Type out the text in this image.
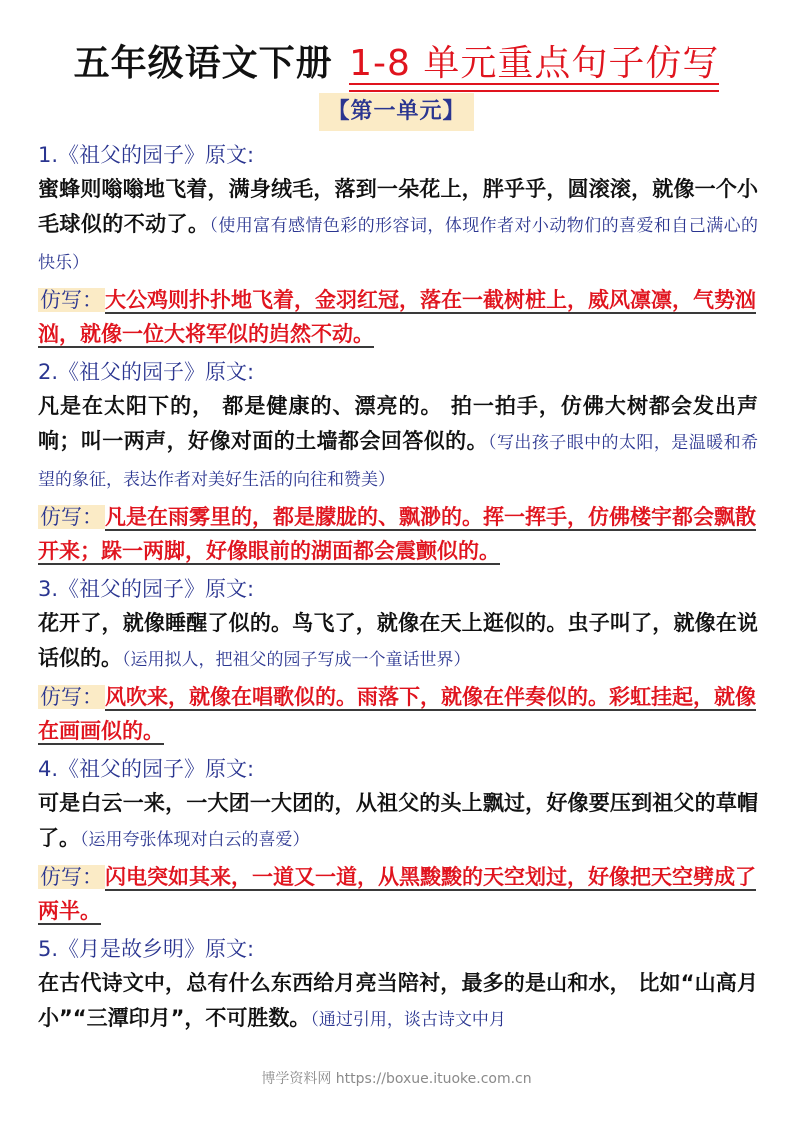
五年级语文下册 1-8 单元重点句子仿写
【第一单元】
1.《祖父的园子》原文:
蜜蜂则嗡嗡地飞着，满身绒毛，落到一朵花上，胖乎乎，圆滚滚，就像一个小毛球似的不动了。（使用富有感情色彩的形容词，体现作者对小动物们的喜爱和自己满心的快乐）
仿写：大公鸡则扑扑地飞着，金羽红冠，落在一截树桩上，威风凛凛，气势汹汹，就像一位大将军似的岿然不动。
2.《祖父的园子》原文:
凡是在太阳下的， 都是健康的、漂亮的。 拍一拍手，仿佛大树都会发出声响；叫一两声，好像对面的土墙都会回答似的。（写出孩子眼中的太阳，是温暖和希望的象征，表达作者对美好生活的向往和赞美）
仿写：凡是在雨雾里的，都是朦胧的、飘渺的。挥一挥手，仿佛楼宇都会飘散开来；跺一两脚，好像眼前的湖面都会震颤似的。
3.《祖父的园子》原文:
花开了，就像睡醒了似的。鸟飞了，就像在天上逛似的。虫子叫了，就像在说话似的。（运用拟人，把祖父的园子写成一个童话世界）
仿写：风吹来，就像在唱歌似的。雨落下，就像在伴奏似的。彩虹挂起，就像在画画似的。
4.《祖父的园子》原文:
可是白云一来，一大团一大团的，从祖父的头上飘过，好像要压到祖父的草帽了。（运用夸张体现对白云的喜爱）
仿写：闪电突如其来，一道又一道，从黑黢黢的天空划过，好像把天空劈成了两半。
5.《月是故乡明》原文:
在古代诗文中，总有什么东西给月亮当陪衬，最多的是山和水， 比如“山高月小”“三潭印月”，不可胜数。（通过引用，谈古诗文中月
博学资料网 https://boxue.ituoke.com.cn
